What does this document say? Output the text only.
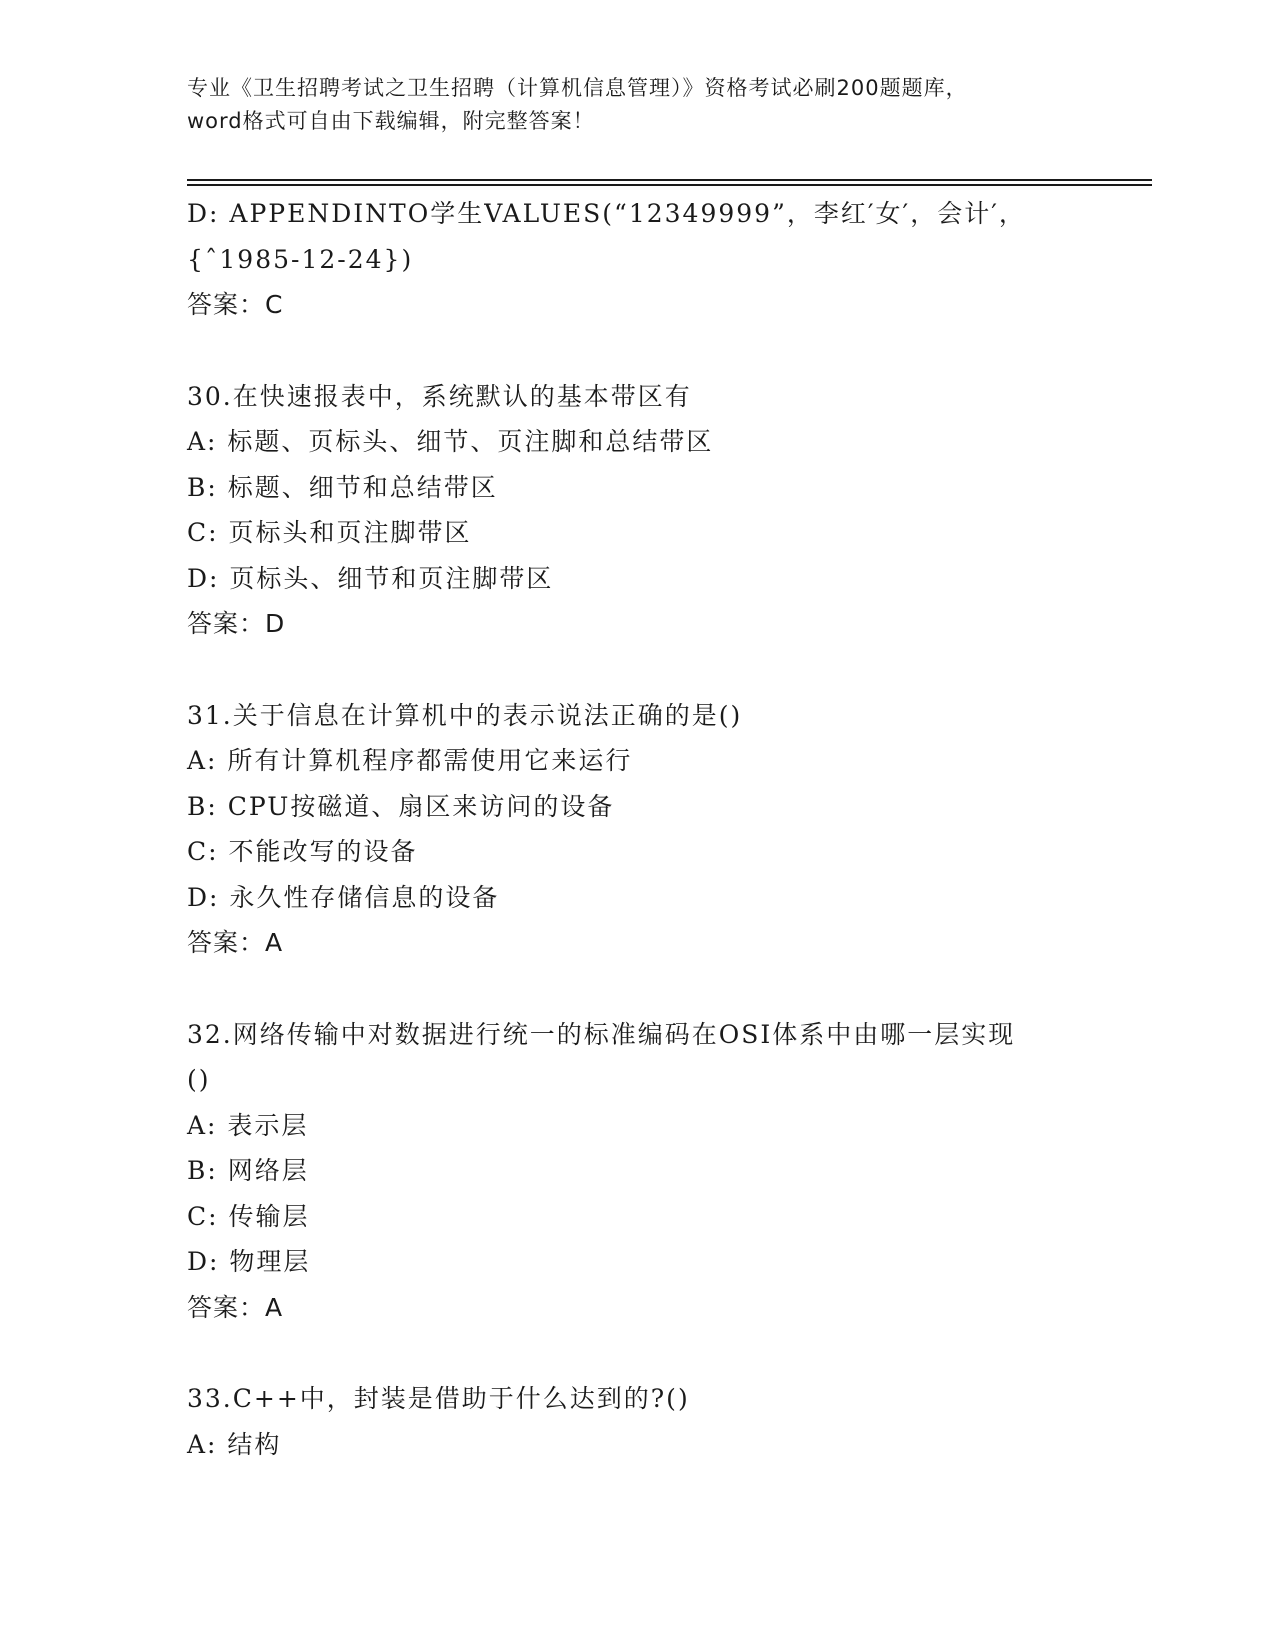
专业《卫生招聘考试之卫生招聘（计算机信息管理）》资格考试必刷200题题库，
word格式可自由下载编辑，附完整答案！
D: APPENDINTO学生VALUES(“12349999”，李红′女′，会计′，
{ˆ1985-12-24})
答案：C
30.在快速报表中，系统默认的基本带区有
A: 标题、页标头、细节、页注脚和总结带区
B: 标题、细节和总结带区
C: 页标头和页注脚带区
D: 页标头、细节和页注脚带区
答案：D
31.关于信息在计算机中的表示说法正确的是()
A: 所有计算机程序都需使用它来运行
B: CPU按磁道、扇区来访问的设备
C: 不能改写的设备
D: 永久性存储信息的设备
答案：A
32.网络传输中对数据进行统一的标准编码在OSI体系中由哪一层实现
()
A: 表示层
B: 网络层
C: 传输层
D: 物理层
答案：A
33.C++中，封装是借助于什么达到的?()
A: 结构
